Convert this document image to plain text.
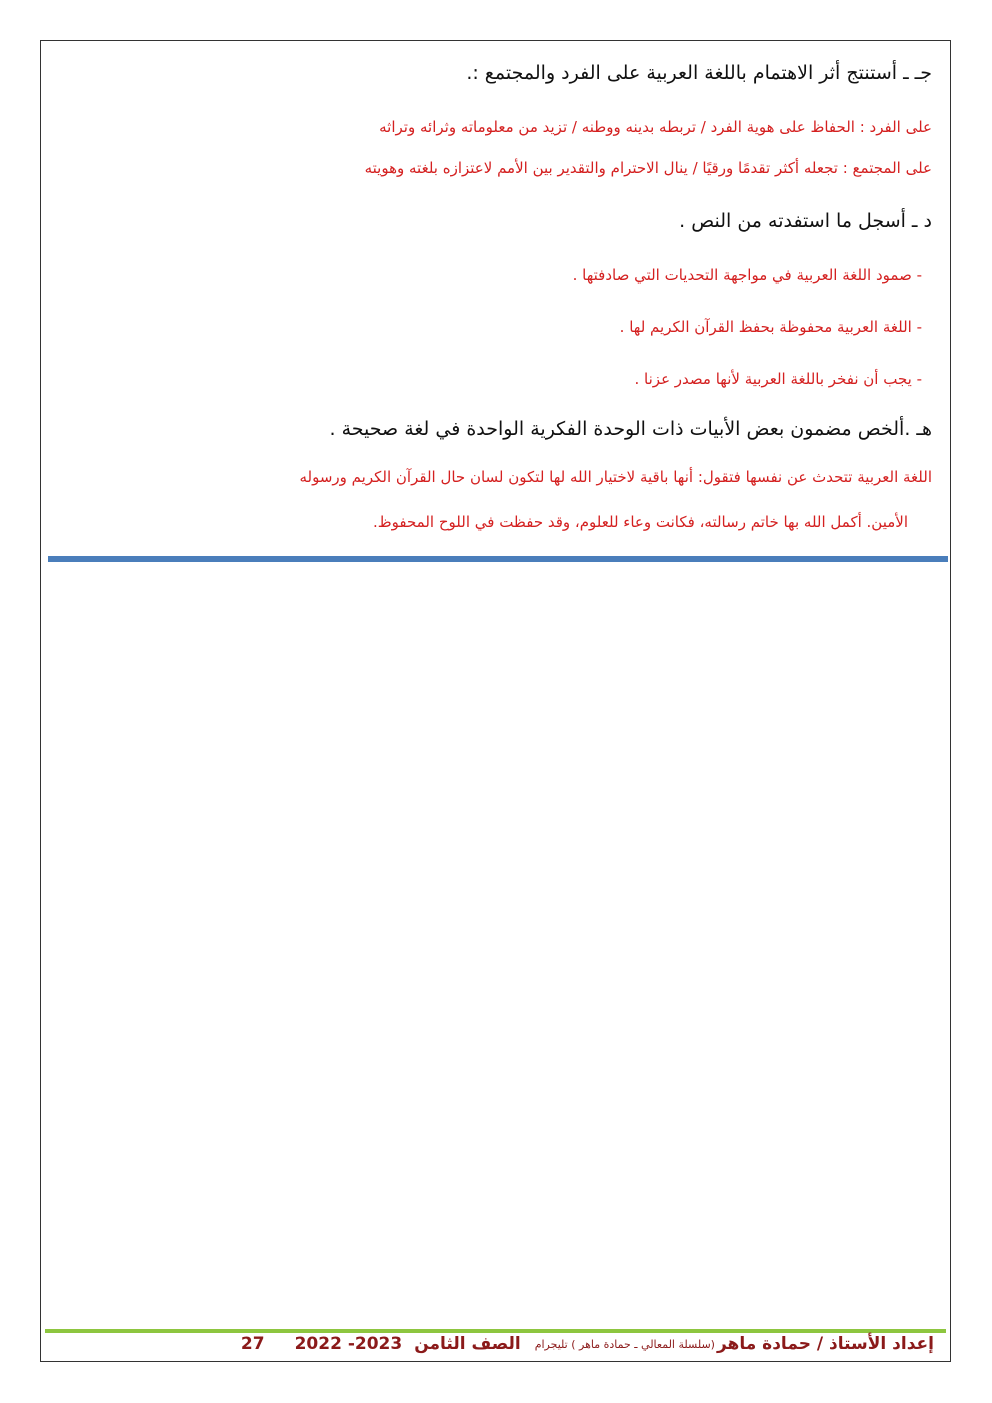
جـ ـ أستنتج أثر الاهتمام باللغة العربية على الفرد والمجتمع :.
على الفرد : الحفاظ على هوية الفرد / تربطه بدينه ووطنه / تزيد من معلوماته وثرائه وتراثه
على المجتمع : تجعله أكثر تقدمًا ورقيًا / ينال الاحترام والتقدير بين الأمم لاعتزازه بلغته وهويته
د ـ أسجل ما استفدته من النص .
- صمود اللغة العربية في مواجهة التحديات التي صادفتها .
- اللغة العربية محفوظة بحفظ القرآن الكريم لها .
- يجب أن نفخر باللغة العربية لأنها مصدر عزنا .
هـ .ألخص مضمون بعض الأبيات ذات الوحدة الفكرية الواحدة في لغة صحيحة .
اللغة العربية تتحدث عن نفسها فتقول: أنها باقية لاختيار الله لها لتكون لسان حال القرآن الكريم ورسوله
الأمين. أكمل الله بها خاتم رسالته، فكانت وعاء للعلوم، وقد حفظت في اللوح المحفوظ.
إعداد الأستاذ / حمادة ماهر
(سلسلة المعالي ـ حمادة ماهر ) تليجرام
الصف الثامن
2022 -2023
27
